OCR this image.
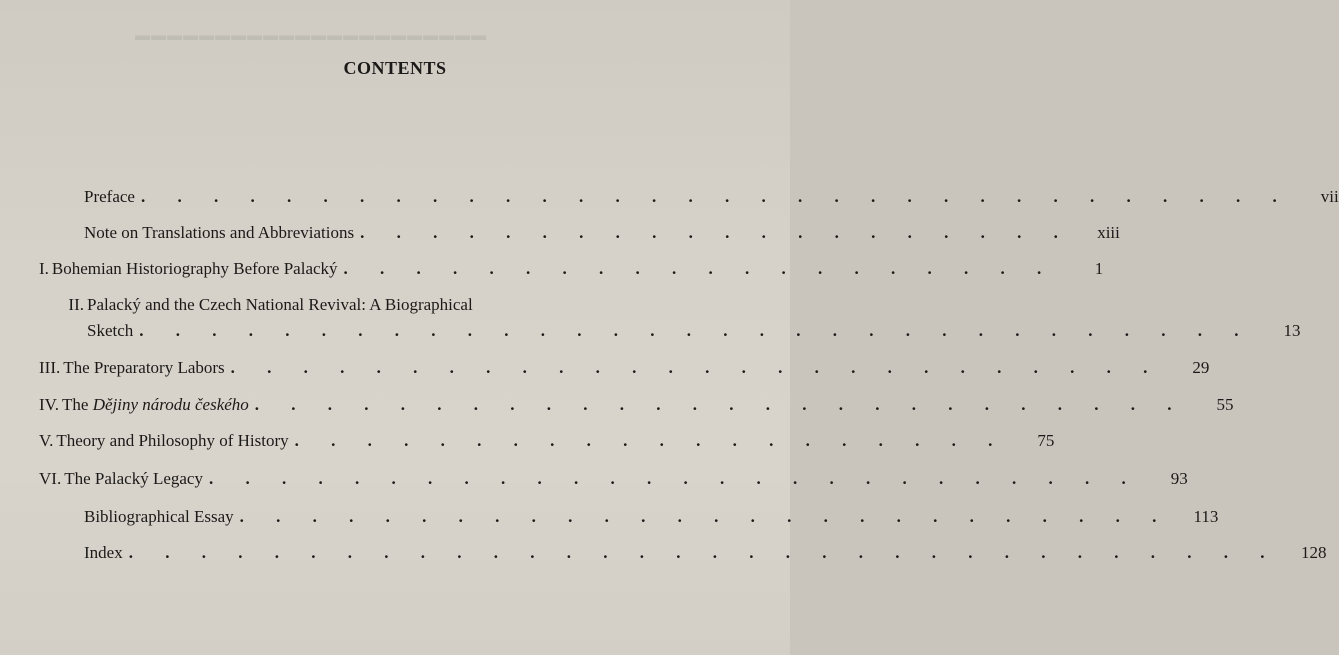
▬▬▬▬▬▬▬▬▬▬▬▬▬▬▬▬▬▬▬▬▬▬
CONTENTS
Preface . . . . . . . . . . . . . . . . . . . . . . . . . . . . . . . .	vii
Note on Translations and Abbreviations . . . . . . . . . . . . . . . . . . . .	xiii
I. Bohemian Historiography Before Palacký . . . . . . . . . . . . . . . . . . . .	1
II. Palacký and the Czech National Revival: A Biographical
Sketch . . . . . . . . . . . . . . . . . . . . . . . . . . . . . . .	13
III. The Preparatory Labors . . . . . . . . . . . . . . . . . . . . . . . . . .	29
IV. The Dějiny národu českého . . . . . . . . . . . . . . . . . . . . . . . . . .	55
V. Theory and Philosophy of History . . . . . . . . . . . . . . . . . . . .	75
VI. The Palacký Legacy . . . . . . . . . . . . . . . . . . . . . . . . . .	93
Bibliographical Essay . . . . . . . . . . . . . . . . . . . . . . . . . .	113
Index . . . . . . . . . . . . . . . . . . . . . . . . . . . . . . . .	128
